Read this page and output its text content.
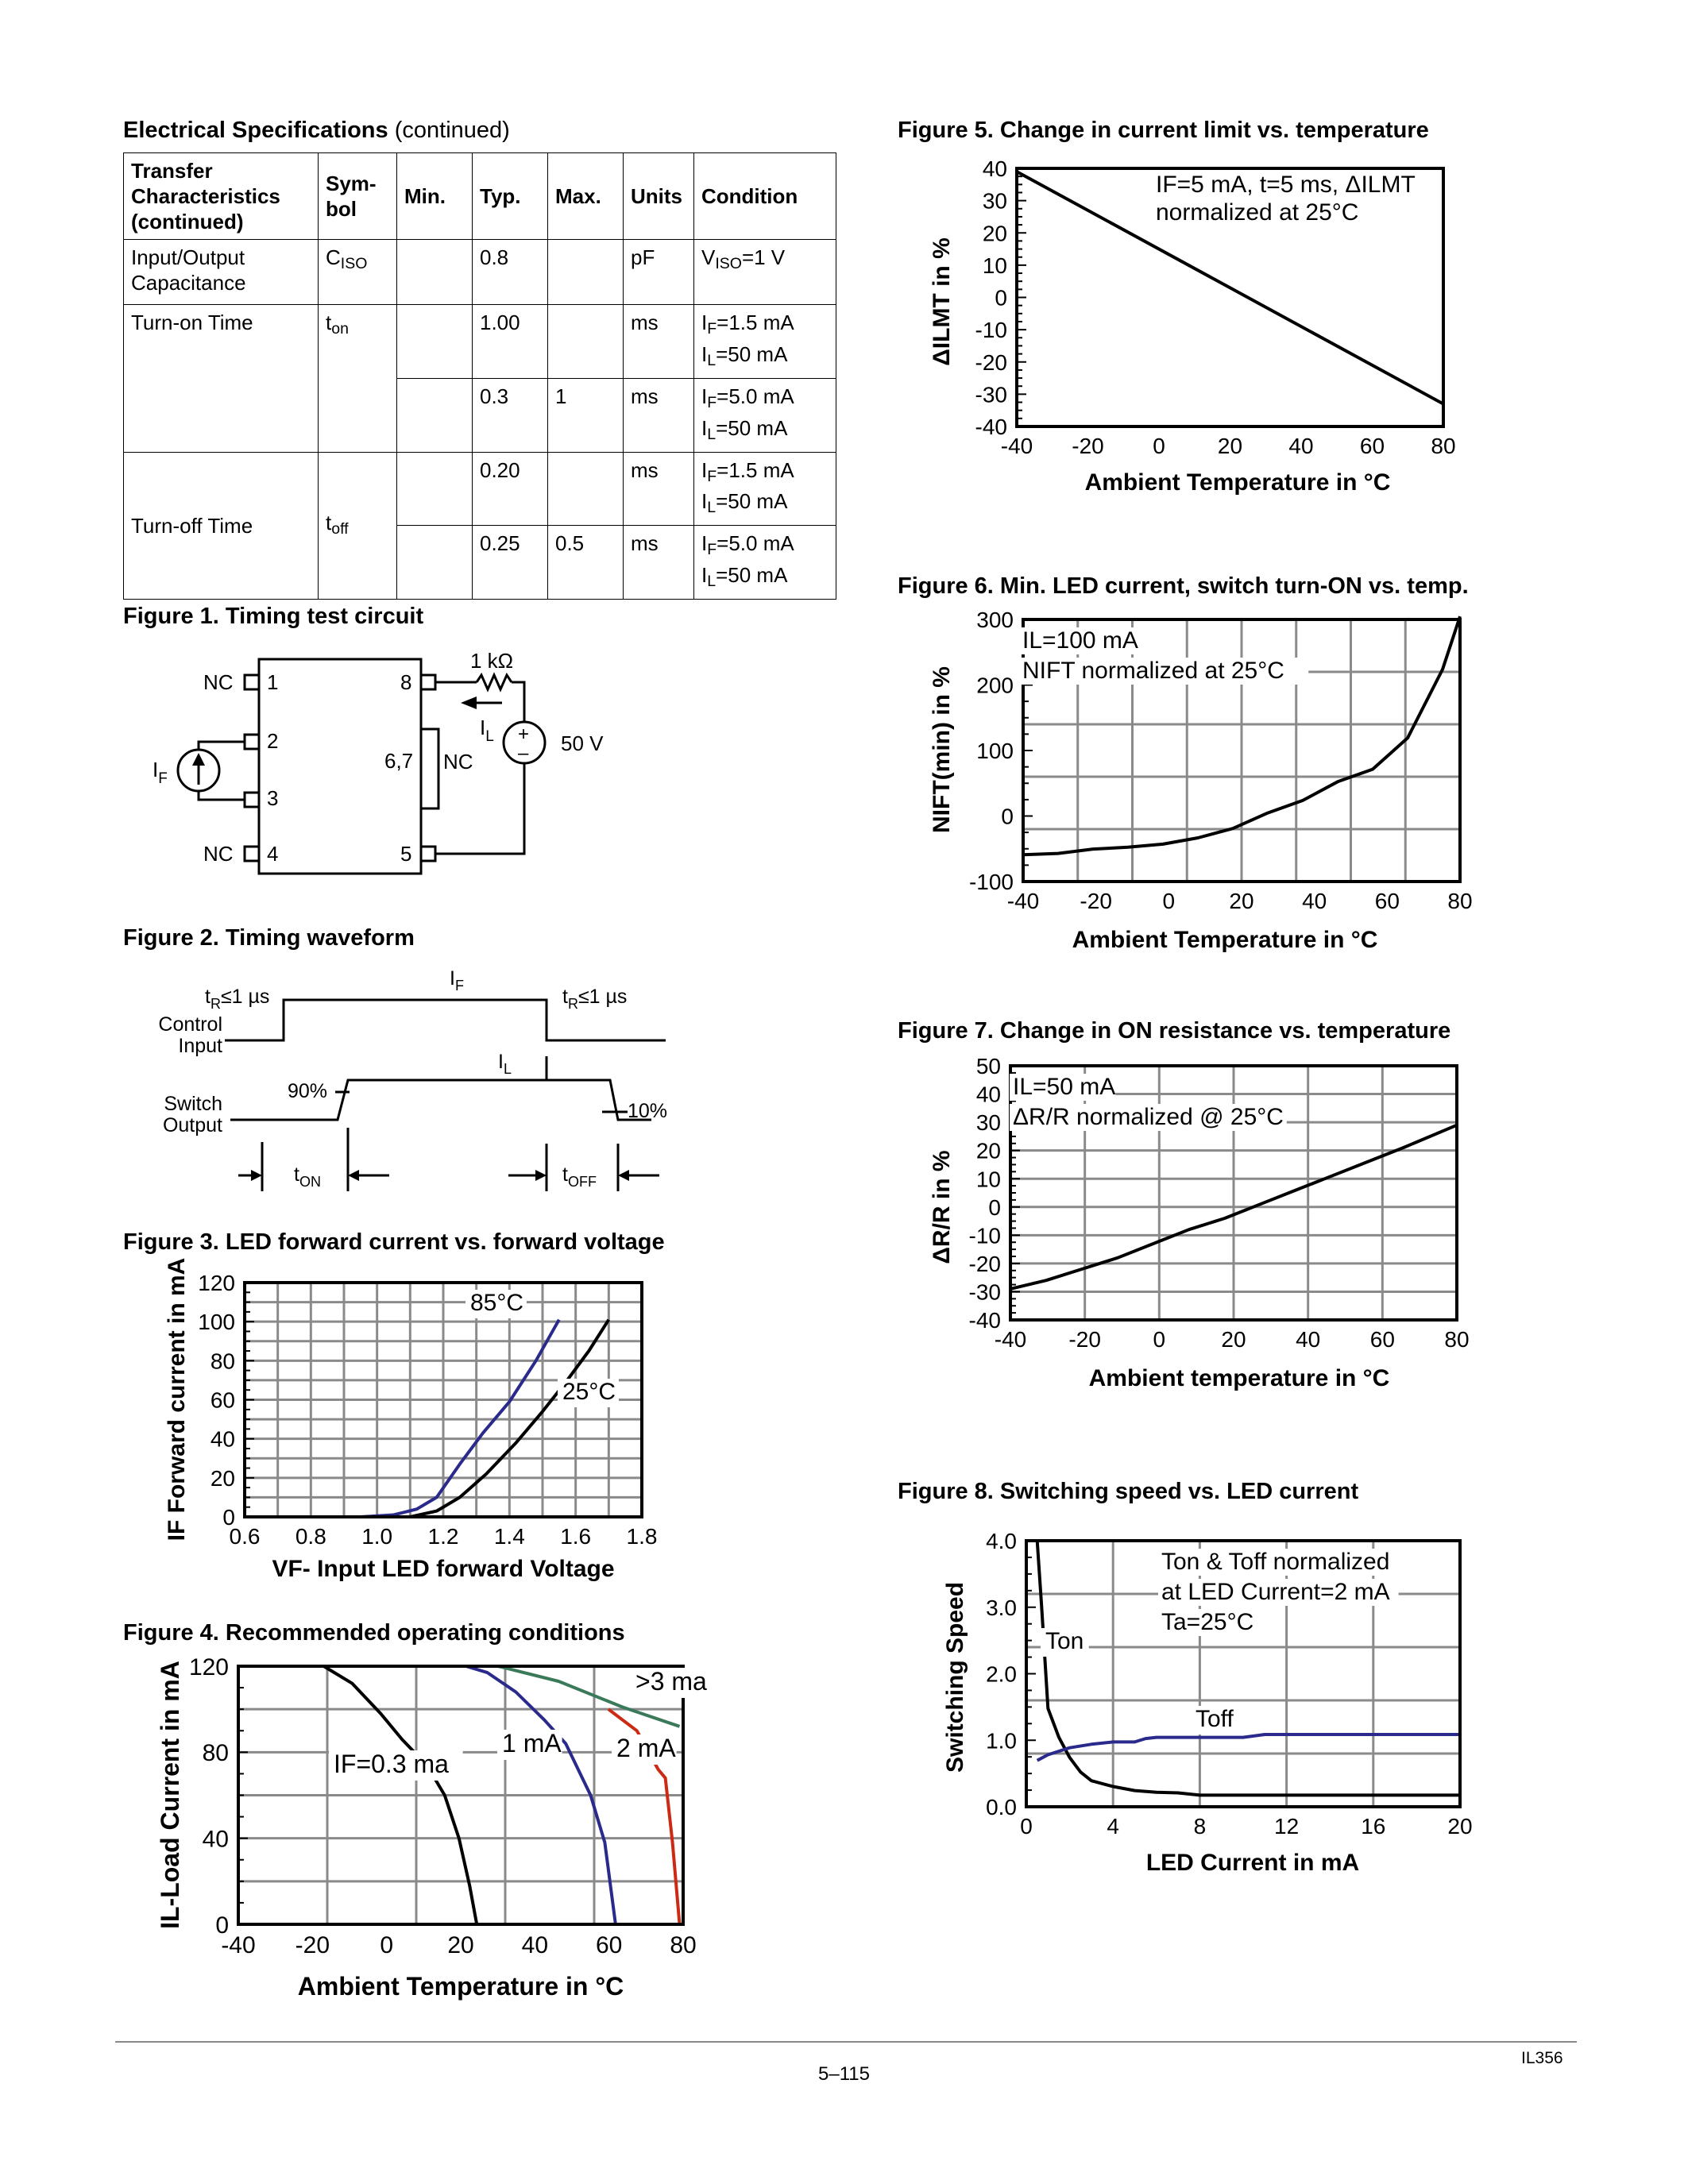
Electrical Specifications (continued)
Transfer Characteristics (continued)	Sym-bol	Min.	Typ.	Max.	Units	Condition
Input/Output Capacitance	$C_{ISO}$		0.8		pF	$V_{ISO}=1$ V
Turn-on Time	$t_{on}$		1.00		ms	$I_F=1.5$ mA
$I_L=50$ mA
			0.3	1	ms	$I_F=5.0$ mA
$I_L=50$ mA
Turn-off Time	$t_{off}$		0.20		ms	$I_F=1.5$ mA
$I_L=50$ mA
			0.25	0.5	ms	$I_F=5.0$ mA
$I_L=50$ mA
Figure 1. Timing test circuit
NC
NC
1
2
3
4
8
6,7
5
NC
1 kΩ
$I_L$
$I_F$
50 V
+
–
Figure 2. Timing waveform
$I_F$
$I_L$
$t_R\le 1$ µs	$t_R\le 1$ µs
Control
Input
Switch
Output
90%
10%
$t_{ON}$	$t_{OFF}$
Figure 3. LED forward current vs. forward voltage
Figure 4. Recommended operating conditions
Figure 5. Change in current limit vs. temperature
Figure 6. Min. LED current, switch turn-ON vs. temp.
Figure 7. Change in ON resistance vs. temperature
Figure 8. Switching speed vs. LED current
0.6 0.8 1.0 1.2 1.4 1.6 1.8
0
20
40
60
80
100
120
VF- Input LED forward Voltage
IF Forward current in mA	85°C
25°C
-40 -20 0 20 40 60 80
0
40
80
120
Ambient Temperature in °C
IL-Load Current in mA	IF=0.3 ma
1 mA 2 mA
>3 ma
-40 -20 0 20 40 60 80
-40
-30
-20
-10
0
10
20
30
40
Ambient Temperature in °C
ΔILMT in %
IF=5 mA, t=5 ms, ΔILMT
normalized at 25°C
-40 -20 0 20 40 60 80
-100
0
100
200
300
Ambient Temperature in °C
NIFT(min) in %
IL=100 mA
NIFT normalized at 25°C
-40 -20 0	20 40 60 80
-40
-30
-20
-10
0
10
20
30
40
50
Ambient temperature in °C
ΔR/R in %
IL=50 mA
ΔR/R normalized @ 25°C
0	4	8	12	16	20
0.0
1.0
2.0
3.0
4.0
LED Current in mA
Switching Speed
Ton & Toff normalized
at LED Current=2 mA
Ta=25°C
Ton
Toff
5–115
IL356
